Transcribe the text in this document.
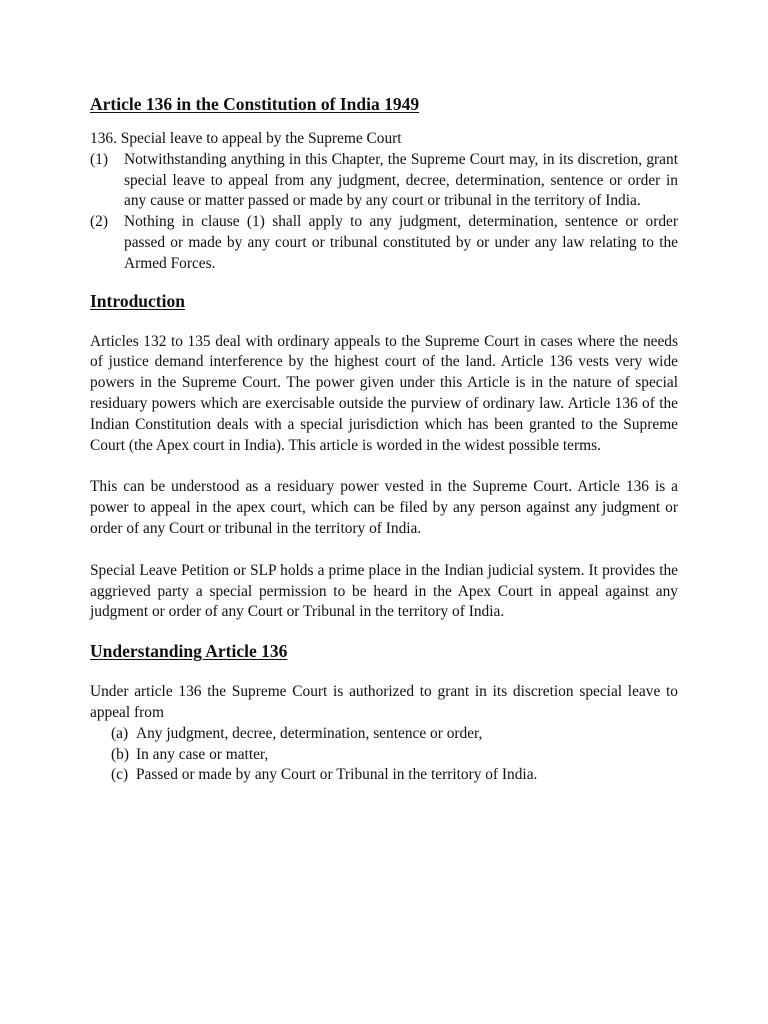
Article 136 in the Constitution of India 1949

136. Special leave to appeal by the Supreme Court

(1)	Notwithstanding anything in this Chapter, the Supreme Court may, in its discretion, grant special leave to appeal from any judgment, decree, determination, sentence or order in any cause or matter passed or made by any court or tribunal in the territory of India.
(2)	Nothing in clause (1) shall apply to any judgment, determination, sentence or order passed or made by any court or tribunal constituted by or under any law relating to the Armed Forces.
Introduction

Articles 132 to 135 deal with ordinary appeals to the Supreme Court in cases where the needs of justice demand interference by the highest court of the land. Article 136 vests very wide powers in the Supreme Court. The power given under this Article is in the nature of special residuary powers which are exercisable outside the purview of ordinary law. Article 136 of the Indian Constitution deals with a special jurisdiction which has been granted to the Supreme Court (the Apex court in India). This article is worded in the widest possible terms.

This can be understood as a residuary power vested in the Supreme Court. Article 136 is a power to appeal in the apex court, which can be filed by any person against any judgment or order of any Court or tribunal in the territory of India.

Special Leave Petition or SLP holds a prime place in the Indian judicial system. It provides the aggrieved party a special permission to be heard in the Apex Court in appeal against any judgment or order of any Court or Tribunal in the territory of India.

Understanding Article 136

Under article 136 the Supreme Court is authorized to grant in its discretion special leave to appeal from

(a) Any judgment, decree, determination, sentence or order,
(b) In any case or matter,
(c) Passed or made by any Court or Tribunal in the territory of India.
